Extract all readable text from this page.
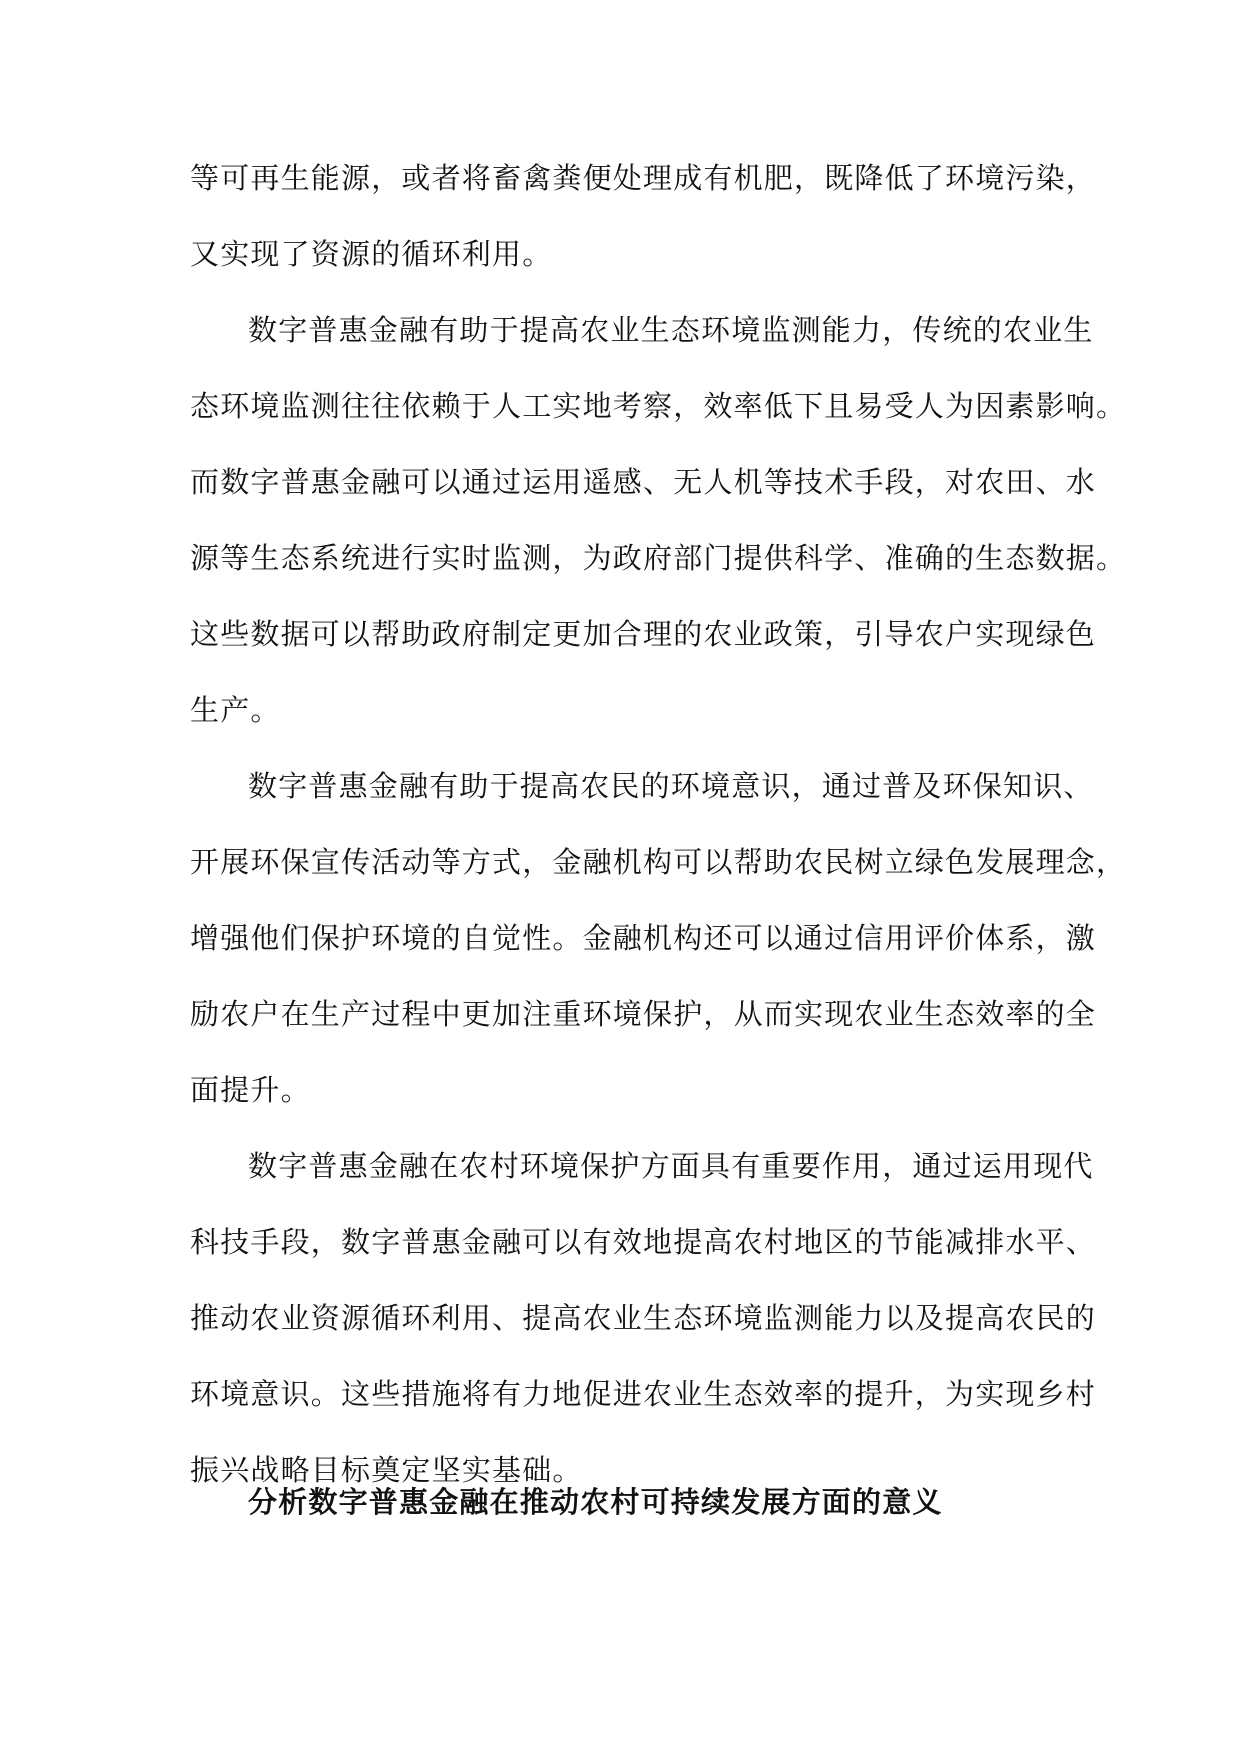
等可再生能源，或者将畜禽粪便处理成有机肥，既降低了环境污染，
又实现了资源的循环利用。
数字普惠金融有助于提高农业生态环境监测能力，传统的农业生
态环境监测往往依赖于人工实地考察，效率低下且易受人为因素影响。
而数字普惠金融可以通过运用遥感、无人机等技术手段，对农田、水
源等生态系统进行实时监测，为政府部门提供科学、准确的生态数据。
这些数据可以帮助政府制定更加合理的农业政策，引导农户实现绿色
生产。
数字普惠金融有助于提高农民的环境意识，通过普及环保知识、
开展环保宣传活动等方式，金融机构可以帮助农民树立绿色发展理念，
增强他们保护环境的自觉性。金融机构还可以通过信用评价体系，激
励农户在生产过程中更加注重环境保护，从而实现农业生态效率的全
面提升。
数字普惠金融在农村环境保护方面具有重要作用，通过运用现代
科技手段，数字普惠金融可以有效地提高农村地区的节能减排水平、
推动农业资源循环利用、提高农业生态环境监测能力以及提高农民的
环境意识。这些措施将有力地促进农业生态效率的提升，为实现乡村
振兴战略目标奠定坚实基础。
分析数字普惠金融在推动农村可持续发展方面的意义
